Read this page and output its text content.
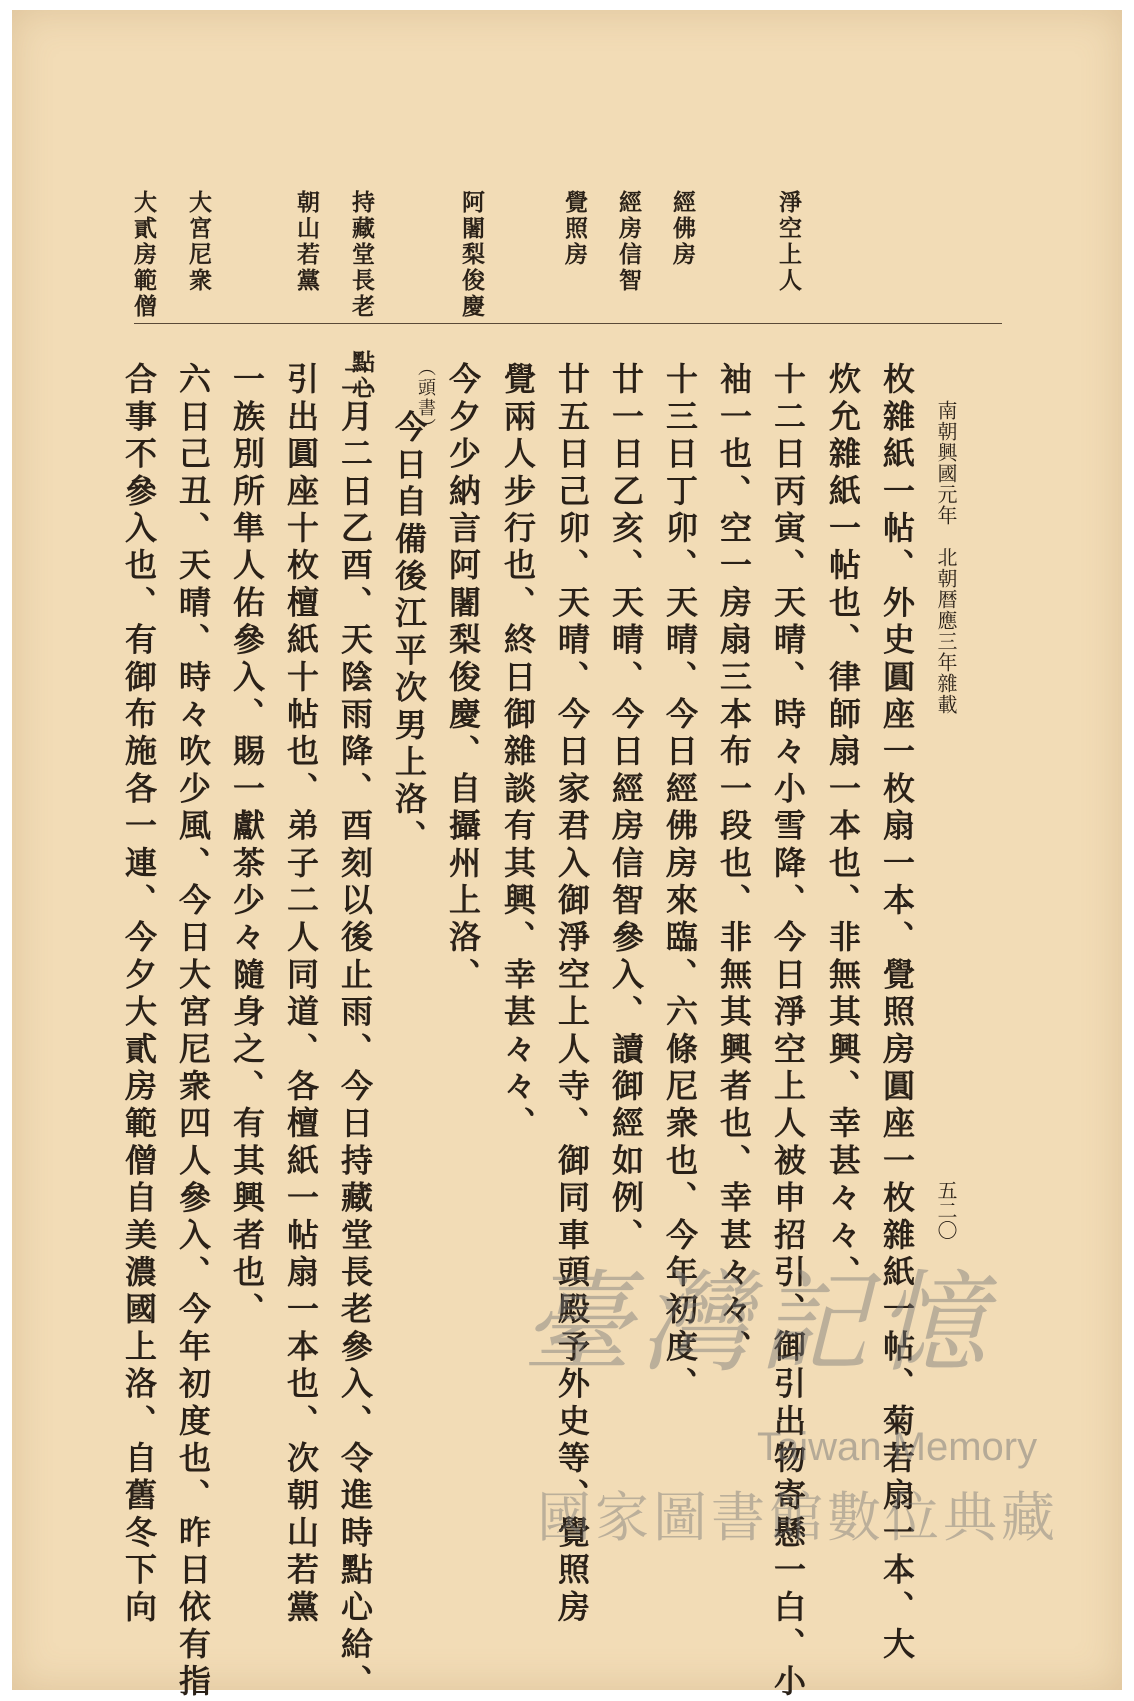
南朝興國元年　北朝暦應三年雜載
五二〇
淨空上人
經佛房
經房信智
覺照房
阿闍梨俊慶
持藏堂長老 點心
朝山若黨
大宮尼衆
大貳房範僧
枚雜紙一帖、外史圓座一枚扇一本、覺照房圓座一枚雜紙一帖、菊若扇一本、大
炊允雜紙一帖也、律師扇一本也、非無其興、幸甚々々、
十二日丙寅、天晴、時々小雪降、今日淨空上人被申招引、御引出物寄懸一白、小
袖一也、空一房扇三本布一段也、非無其興者也、幸甚々々、
十三日丁卯、天晴、今日經佛房來臨、六條尼衆也、今年初度、
廿一日乙亥、天晴、今日經房信智參入、讀御經如例、
廿五日己卯、天晴、今日家君入御淨空上人寺、御同車頭殿予外史等、覺照房
覺兩人步行也、終日御雜談有其興、幸甚々々、
今夕少納言阿闍梨俊慶、自攝州上洛、
（頭書）
今日自備後江平次男上洛、
二月二日乙酉、天陰雨降、酉刻以後止雨、今日持藏堂長老參入、令進時點心給、
引出圓座十枚檀紙十帖也、弟子二人同道、各檀紙一帖扇一本也、次朝山若黨
一族別所隼人佑參入、賜一獻茶少々隨身之、有其興者也、
六日己丑、天晴、時々吹少風、今日大宮尼衆四人參入、今年初度也、昨日依有指
合事不參入也、有御布施各一連、今夕大貳房範僧自美濃國上洛、自舊冬下向	臺灣記憶
Taiwan Memory
國家圖書館數位典藏
